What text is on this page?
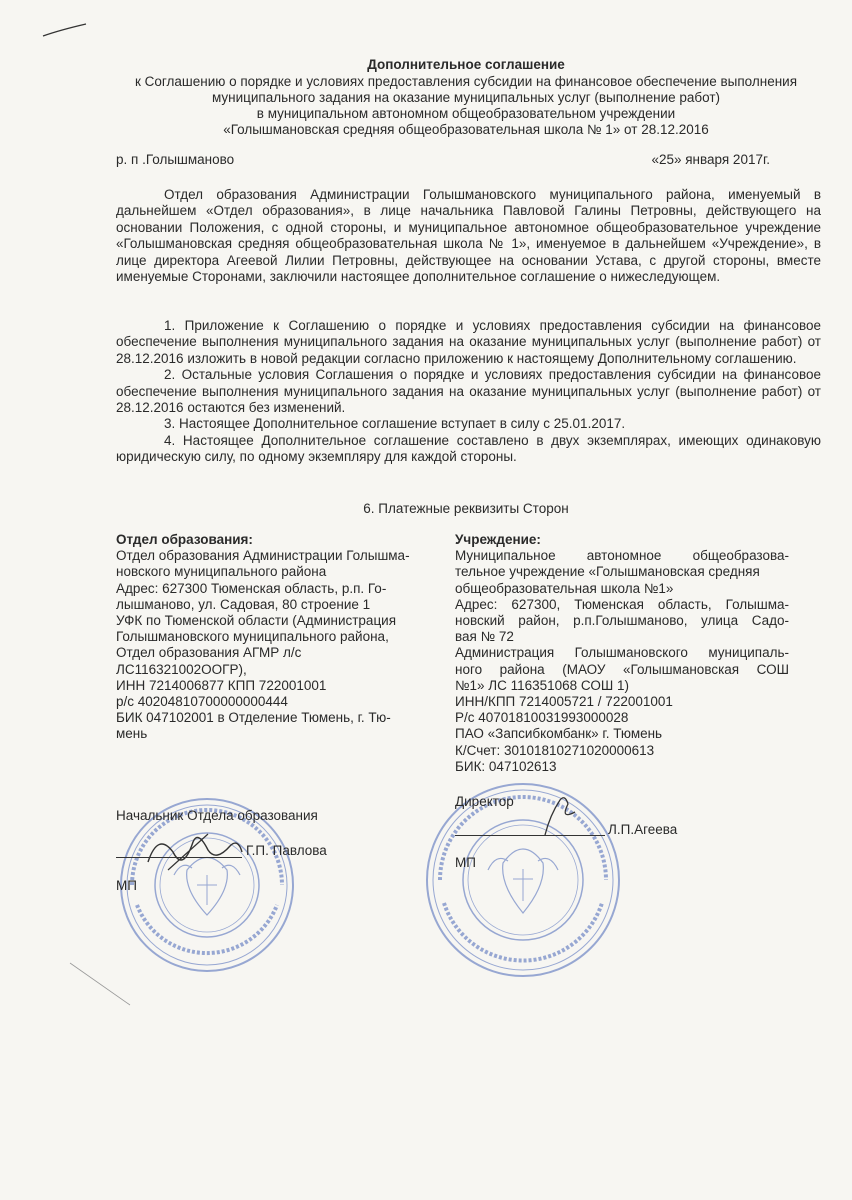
Дополнительное соглашение
к Соглашению о порядке и условиях предоставления субсидии на финансовое обеспечение выполнения
муниципального задания на оказание муниципальных услуг (выполнение работ)
в муниципальном автономном общеобразовательном учреждении
«Голышмановская средняя общеобразовательная школа № 1» от 28.12.2016
р. п .Голышманово	«25» января 2017г.
Отдел образования Администрации Голышмановского муниципального района, именуемый в дальнейшем «Отдел образования», в лице начальника Павловой Галины Петровны, действующего на основании Положения, с одной стороны, и муниципальное автономное общеобразовательное учреждение «Голышмановская средняя общеобразовательная школа № 1», именуемое в дальнейшем «Учреждение», в лице директора Агеевой Лилии Петровны, действующее на основании Устава, с другой стороны, вместе именуемые Сторонами, заключили настоящее дополнительное соглашение о нижеследующем.

1. Приложение к Соглашению о порядке и условиях предоставления субсидии на финансовое обеспечение выполнения муниципального задания на оказание муниципальных услуг (выполнение работ) от 28.12.2016 изложить в новой редакции согласно приложению к настоящему Дополнительному соглашению.

2. Остальные условия Соглашения о порядке и условиях предоставления субсидии на финансовое обеспечение выполнения муниципального задания на оказание муниципальных услуг (выполнение работ) от 28.12.2016 остаются без изменений.

3. Настоящее Дополнительное соглашение вступает в силу с 25.01.2017.

4. Настоящее Дополнительное соглашение составлено в двух экземплярах, имеющих одинаковую юридическую силу, по одному экземпляру для каждой стороны.

6. Платежные реквизиты Сторон
Отдел образования:
Отдел образования Администрации Голышма-
новского муниципального района
Адрес: 627300 Тюменская область, р.п. Го-
лышманово, ул. Садовая, 80 строение 1
УФК по Тюменской области (Администрация
Голышмановского муниципального района,
Отдел образования АГМР л/с
ЛС116321002ООГР),
ИНН 7214006877 КПП 722001001
р/с 40204810700000000444
БИК 047102001 в Отделение Тюмень, г. Тю-
мень
Учреждение:
Муниципальное автономное общеобразова-
тельное учреждение «Голышмановская средняя
общеобразовательная школа №1»
Адрес: 627300, Тюменская область, Голышма-
новский район, р.п.Голышманово, улица Садо-
вая № 72
Администрация Голышмановского муниципаль-
ного района (МАОУ «Голышмановская СОШ
№1» ЛС 116351068 СОШ 1)
ИНН/КПП 7214005721 / 722001001
Р/с 40701810031993000028
ПАО «Запсибкомбанк» г. Тюмень
К/Счет: 30101810271020000613
БИК: 047102613
Начальник Отдела образования
Г.П. Павлова
МП
Директор
Л.П.Агеева
МП
